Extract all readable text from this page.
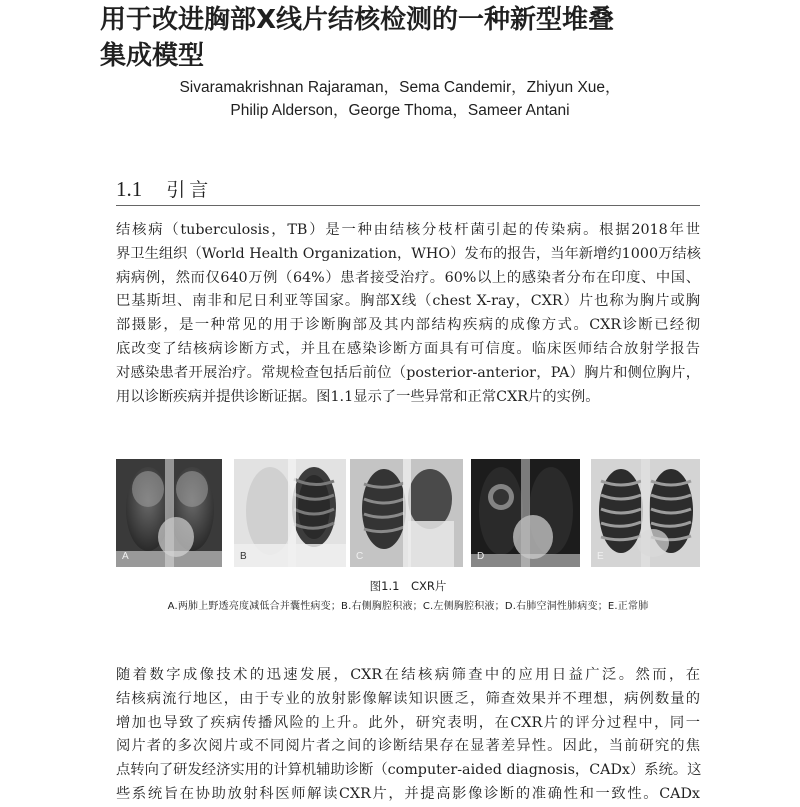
用于改进胸部X线片结核检测的一种新型堆叠
集成模型
Sivaramakrishnan Rajaraman，Sema Candemir，Zhiyun Xue，
Philip Alderson，George Thoma，Sameer Antani
1.1 引言

结核病（tuberculosis，TB）是一种由结核分枝杆菌引起的传染病。根据2018年世
界卫生组织（World Health Organization，WHO）发布的报告，当年新增约1000万结核
病病例，然而仅640万例（64%）患者接受治疗。60%以上的感染者分布在印度、中国、
巴基斯坦、南非和尼日利亚等国家。胸部X线（chest X-ray，CXR）片也称为胸片或胸
部摄影，是一种常见的用于诊断胸部及其内部结构疾病的成像方式。CXR诊断已经彻
底改变了结核病诊断方式，并且在感染诊断方面具有可信度。临床医师结合放射学报告
对感染患者开展治疗。常规检查包括后前位（posterior-anterior，PA）胸片和侧位胸片，
用以诊断疾病并提供诊断证据。图1.1显示了一些异常和正常CXR片的实例。

A	B	C	D	E
图1.1　CXR片
A.两肺上野透亮度减低合并囊性病变；B.右侧胸腔积液；C.左侧胸腔积液；D.右肺空洞性肺病变；E.正常肺

随着数字成像技术的迅速发展，CXR在结核病筛查中的应用日益广泛。然而，在
结核病流行地区，由于专业的放射影像解读知识匮乏，筛查效果并不理想，病例数量的
增加也导致了疾病传播风险的上升。此外，研究表明，在CXR片的评分过程中，同一
阅片者的多次阅片或不同阅片者之间的诊断结果存在显著差异性。因此，当前研究的焦
点转向了研发经济实用的计算机辅助诊断（computer-aided diagnosis，CADx）系统。这
些系统旨在协助放射科医师解读CXR片，并提高影像诊断的准确性和一致性。CADx
